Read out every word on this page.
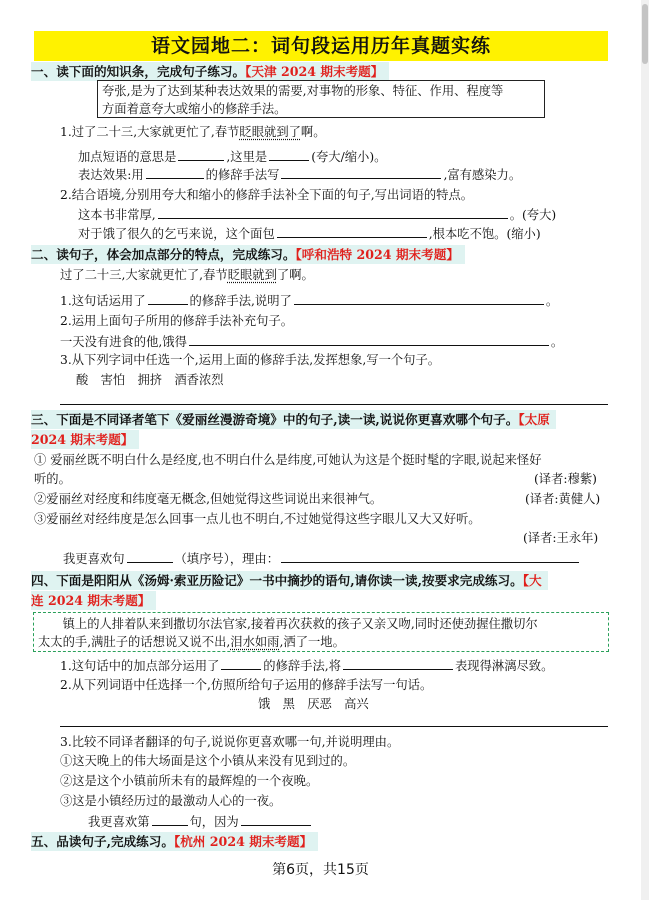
语文园地二：词句段运用历年真题实练
一、读下面的知识条，完成句子练习。【天津 2024 期末考题】
夸张,是为了达到某种表达效果的需要,对事物的形象、特征、作用、程度等
方面着意夸大或缩小的修辞手法。
1.过了二十三,大家就更忙了,春节眨眼就到了啊。
加点短语的意思是	,这里是	(夸大/缩小)。
表达效果:用	的修辞手法写	,富有感染力。
2.结合语境,分别用夸大和缩小的修辞手法补全下面的句子,写出词语的特点。
这本书非常厚,	。(夸大)
对于饿了很久的乞丐来说，这个面包	,根本吃不饱。(缩小)
二、读句子，体会加点部分的特点，完成练习。【呼和浩特 2024 期末考题】
过了二十三,大家就更忙了,春节眨眼就到了啊。
1.这句话运用了	的修辞手法,说明了	。
2.运用上面句子所用的修辞手法补充句子。
一天没有进食的他,饿得	。
3.从下列字词中任选一个,运用上面的修辞手法,发挥想象,写一个句子。
酸　害怕　拥挤　酒香浓烈
三、下面是不同译者笔下《爱丽丝漫游奇境》中的句子,读一读,说说你更喜欢哪个句子。【太原
2024 期末考题】
① 爱丽丝既不明白什么是经度,也不明白什么是纬度,可她认为这是个挺时髦的字眼,说起来怪好
听的。	(译者:穆紫)
②爱丽丝对经度和纬度毫无概念,但她觉得这些词说出来很神气。	(译者:黄健人)
③爱丽丝对经纬度是怎么回事一点儿也不明白,不过她觉得这些字眼儿又大又好听。
(译者:王永年)
我更喜欢句	（填序号），理由：
四、下面是阳阳从《汤姆·索亚历险记》一书中摘抄的语句,请你读一读,按要求完成练习。【大
连 2024 期末考题】
镇上的人排着队来到撒切尔法官家,接着再次获救的孩子又亲又吻,同时还使劲握住撒切尔
太太的手,满肚子的话想说又说不出,泪水如雨,洒了一地。
1.这句话中的加点部分运用了	的修辞手法,将	表现得淋漓尽致。
2.从下列词语中任选择一个,仿照所给句子运用的修辞手法写一句话。
饿　黑　厌恶　高兴
3.比较不同译者翻译的句子,说说你更喜欢哪一句,并说明理由。
①这天晚上的伟大场面是这个小镇从来没有见到过的。
②这是这个小镇前所未有的最辉煌的一个夜晚。
③这是小镇经历过的最激动人心的一夜。
我更喜欢第	句，因为
五、品读句子,完成练习。【杭州 2024 期末考题】
第6页，共15页
